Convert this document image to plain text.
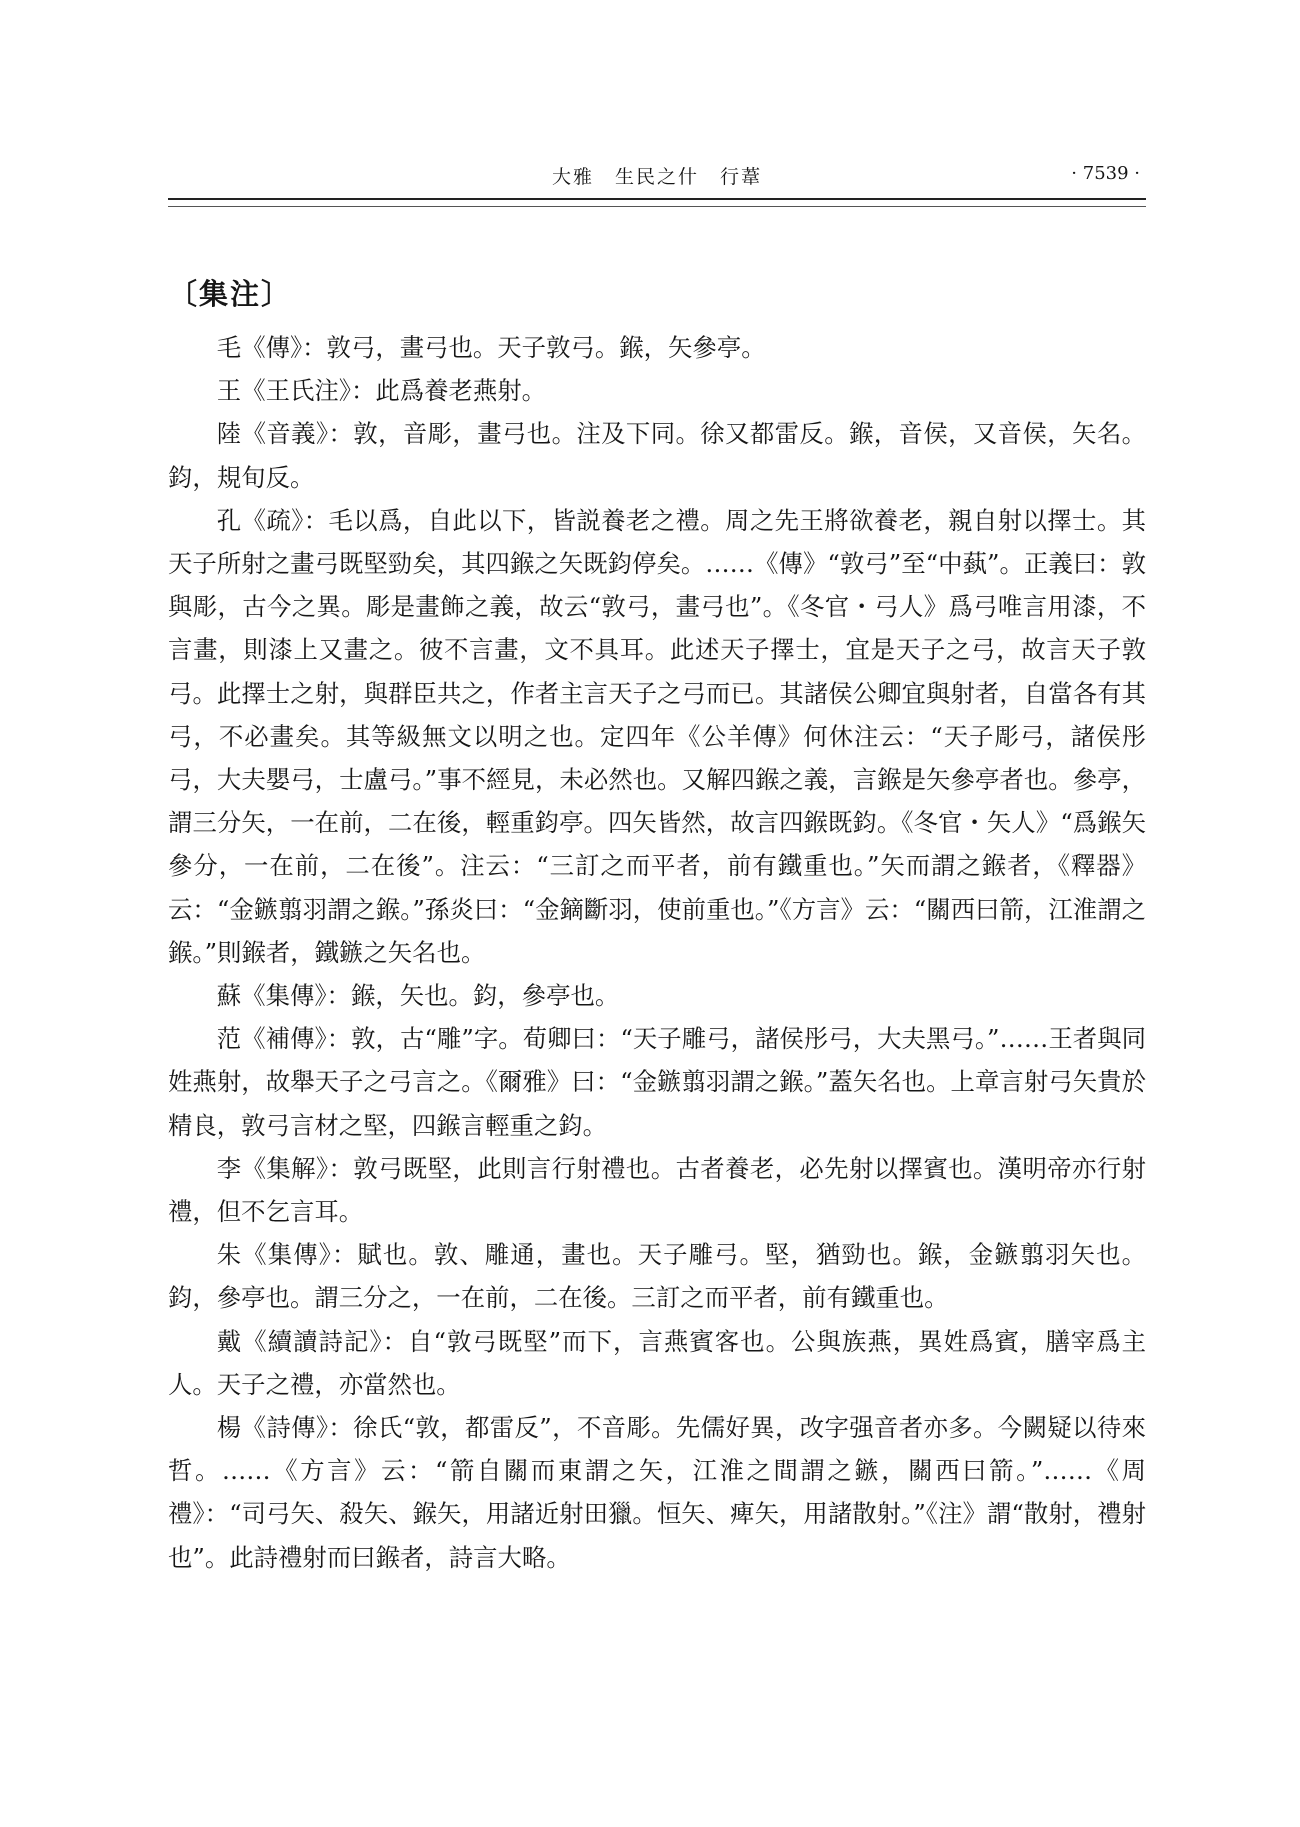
大雅　生民之什　行葦	· 7539 ·
〔集注〕

毛《傳》：敦弓，畫弓也。天子敦弓。鍭，矢參亭。

王《王氏注》：此爲養老燕射。

陸《音義》：敦，音彫，畫弓也。注及下同。徐又都雷反。鍭，音侯，又音侯，矢名。鈞，規旬反。

孔《疏》：毛以爲，自此以下，皆説養老之禮。周之先王將欲養老，親自射以擇士。其天子所射之畫弓既堅勁矣，其四鍭之矢既鈞停矣。……《傳》“敦弓”至“中蓺”。正義曰：敦與彫，古今之異。彫是畫飾之義，故云“敦弓，畫弓也”。《冬官・弓人》爲弓唯言用漆，不言畫，則漆上又畫之。彼不言畫，文不具耳。此述天子擇士，宜是天子之弓，故言天子敦弓。此擇士之射，與群臣共之，作者主言天子之弓而已。其諸侯公卿宜與射者，自當各有其弓，不必畫矣。其等級無文以明之也。定四年《公羊傳》何休注云：“天子彫弓，諸侯彤弓，大夫嬰弓，士盧弓。”事不經見，未必然也。又解四鍭之義，言鍭是矢參亭者也。參亭，謂三分矢，一在前，二在後，輕重鈞亭。四矢皆然，故言四鍭既鈞。《冬官・矢人》“爲鍭矢參分，一在前，二在後”。注云：“三訂之而平者，前有鐵重也。”矢而謂之鍭者，《釋器》云：“金鏃翦羽謂之鍭。”孫炎曰：“金鏑斷羽，使前重也。”《方言》云：“關西曰箭，江淮謂之鍭。”則鍭者，鐵鏃之矢名也。

蘇《集傳》：鍭，矢也。鈞，參亭也。

范《補傳》：敦，古“雕”字。荀卿曰：“天子雕弓，諸侯彤弓，大夫黑弓。”……王者與同姓燕射，故舉天子之弓言之。《爾雅》曰：“金鏃翦羽謂之鍭。”蓋矢名也。上章言射弓矢貴於精良，敦弓言材之堅，四鍭言輕重之鈞。

李《集解》：敦弓既堅，此則言行射禮也。古者養老，必先射以擇賓也。漢明帝亦行射禮，但不乞言耳。

朱《集傳》：賦也。敦、雕通，畫也。天子雕弓。堅，猶勁也。鍭，金鏃翦羽矢也。鈞，參亭也。謂三分之，一在前，二在後。三訂之而平者，前有鐵重也。

戴《續讀詩記》：自“敦弓既堅”而下，言燕賓客也。公與族燕，異姓爲賓，膳宰爲主人。天子之禮，亦當然也。

楊《詩傳》：徐氏“敦，都雷反”，不音彫。先儒好異，改字强音者亦多。今闕疑以待來哲。……《方言》云：“箭自關而東謂之矢，江淮之間謂之鏃，關西曰箭。”……《周禮》：“司弓矢、殺矢、鍭矢，用諸近射田獵。恒矢、痺矢，用諸散射。”《注》謂“散射，禮射也”。此詩禮射而曰鍭者，詩言大略。
